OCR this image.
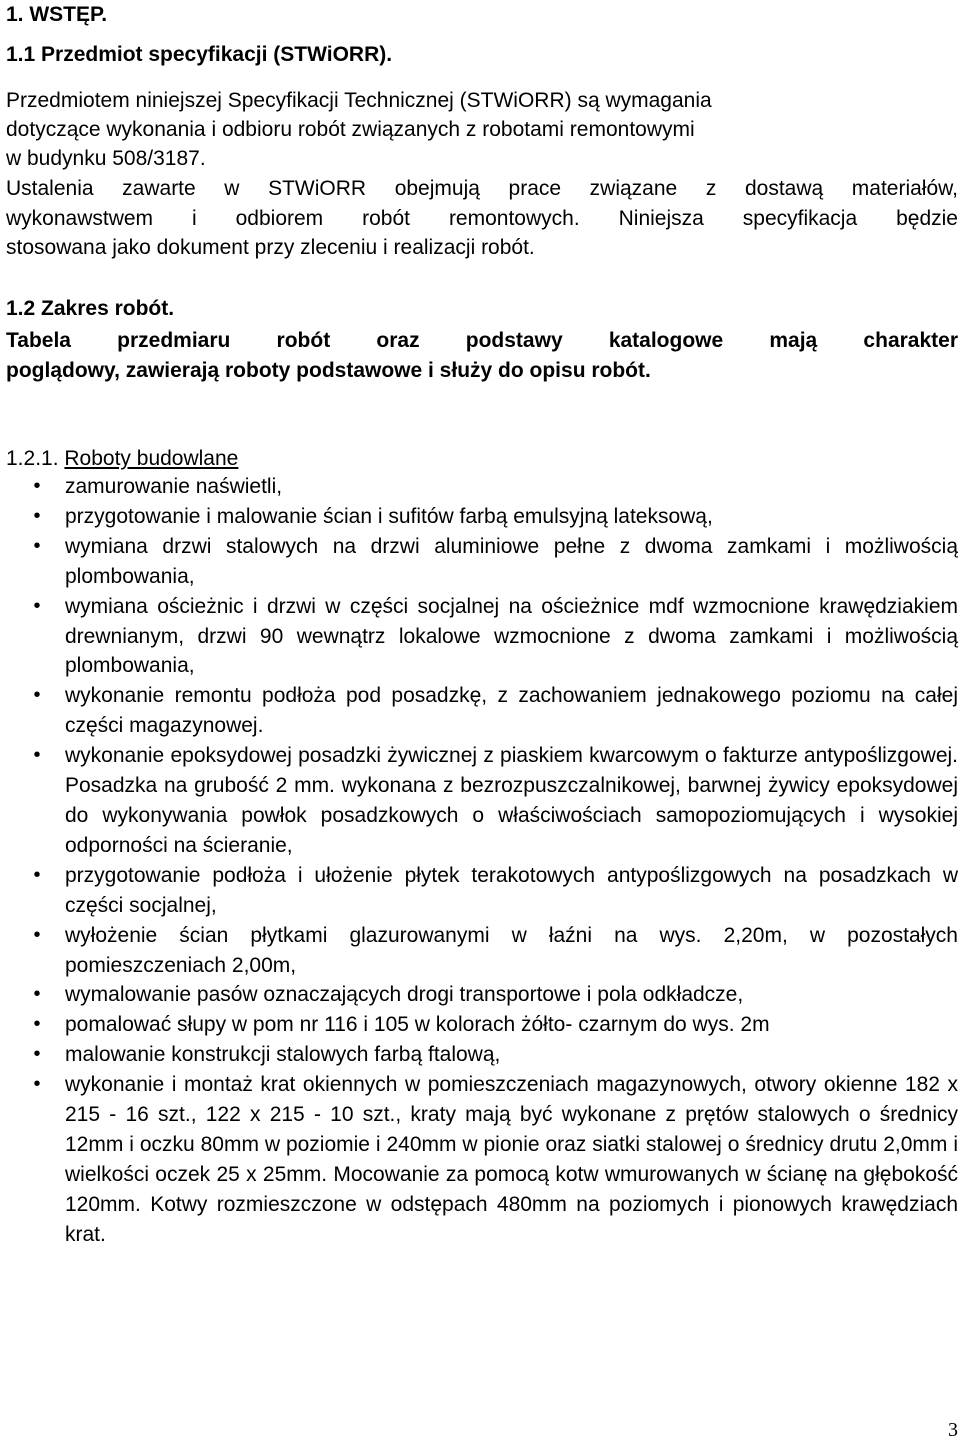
1. WSTĘP.
1.1 Przedmiot specyfikacji (STWiORR).
Przedmiotem niniejszej Specyfikacji Technicznej (STWiORR) są wymagania
dotyczące wykonania i odbioru robót związanych z robotami remontowymi
w budynku 508/3187.
Ustalenia zawarte w STWiORR obejmują prace związane z dostawą materiałów,
wykonawstwem i odbiorem robót remontowych. Niniejsza specyfikacja będzie
stosowana jako dokument przy zleceniu i realizacji robót.
1.2 Zakres robót.
Tabela przedmiaru robót oraz podstawy katalogowe mają charakter
poglądowy, zawierają roboty podstawowe i służy do opisu robót.
1.2.1. Roboty budowlane
•	zamurowanie naświetli,
•	przygotowanie i malowanie ścian i sufitów farbą emulsyjną lateksową,
•	wymiana drzwi stalowych na drzwi aluminiowe pełne z dwoma zamkami i możliwością plombowania,
•	wymiana ościeżnic i drzwi w części socjalnej na ościeżnice mdf wzmocnione krawędziakiem drewnianym, drzwi 90 wewnątrz lokalowe wzmocnione z dwoma zamkami i możliwością plombowania,
•	wykonanie remontu podłoża pod posadzkę, z zachowaniem jednakowego poziomu na całej części magazynowej.
•	wykonanie epoksydowej posadzki żywicznej z piaskiem kwarcowym o fakturze antypoślizgowej. Posadzka na grubość 2 mm. wykonana z bezrozpuszczalnikowej, barwnej żywicy epoksydowej do wykonywania powłok posadzkowych o właściwościach samopoziomujących i wysokiej odporności na ścieranie,
•	przygotowanie podłoża i ułożenie płytek terakotowych antypoślizgowych na posadzkach w części socjalnej,
•	wyłożenie ścian płytkami glazurowanymi w łaźni na wys. 2,20m, w pozostałych pomieszczeniach 2,00m,
•	wymalowanie pasów oznaczających drogi transportowe i pola odkładcze,
•	pomalować słupy w pom nr 116 i 105 w kolorach żółto- czarnym do wys. 2m
•	malowanie konstrukcji stalowych farbą ftalową,
•	wykonanie i montaż krat okiennych w pomieszczeniach magazynowych, otwory okienne 182 x 215 - 16 szt., 122 x 215 - 10 szt., kraty mają być wykonane z prętów stalowych o średnicy 12mm i oczku 80mm w poziomie i 240mm w pionie oraz siatki stalowej o średnicy drutu 2,0mm i wielkości oczek 25 x 25mm. Mocowanie za pomocą kotw wmurowanych w ścianę na głębokość 120mm. Kotwy rozmieszczone w odstępach 480mm na poziomych i pionowych krawędziach krat.
3
